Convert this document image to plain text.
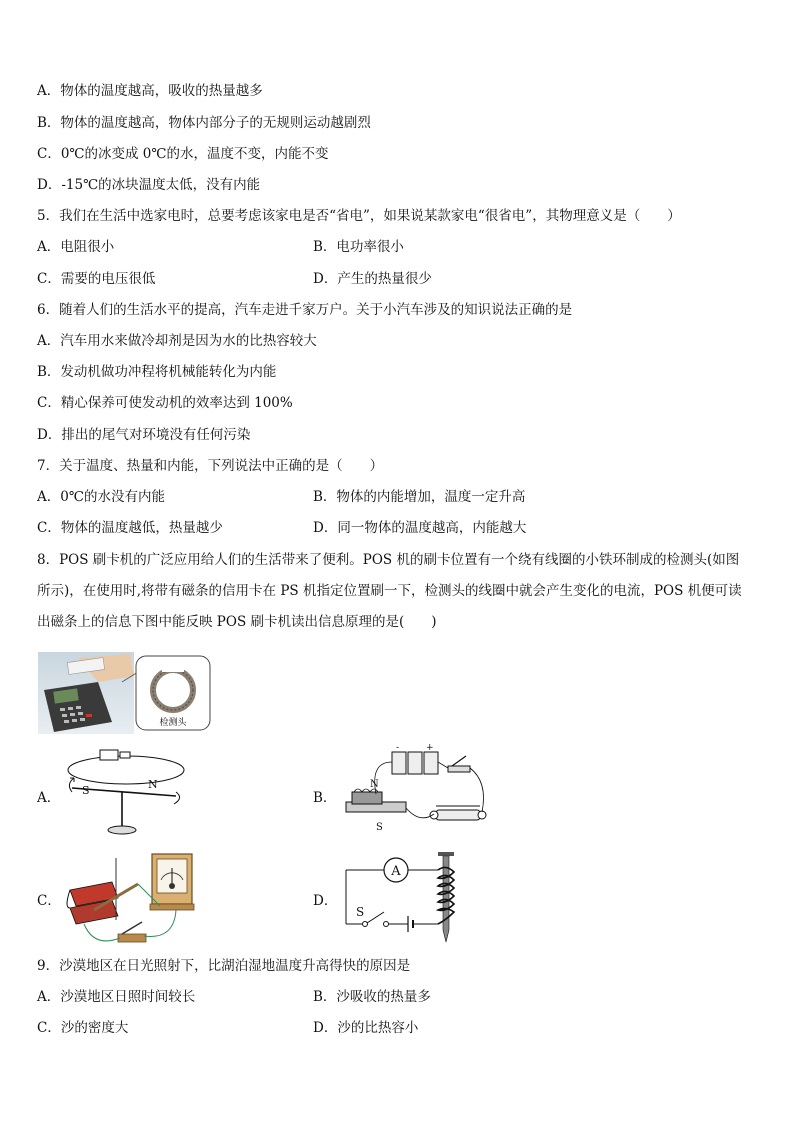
A．物体的温度越高，吸收的热量越多
B．物体的温度越高，物体内部分子的无规则运动越剧烈
C．0℃的冰变成 0℃的水，温度不变，内能不变
D．-15℃的冰块温度太低，没有内能
5．我们在生活中选家电时，总要考虑该家电是否“省电”，如果说某款家电“很省电”，其物理意义是（　　）
A．电阻很小	B．电功率很小
C．需要的电压很低	D．产生的热量很少
6．随着人们的生活水平的提高，汽车走进千家万户。关于小汽车涉及的知识说法正确的是
A．汽车用水来做冷却剂是因为水的比热容较大
B．发动机做功冲程将机械能转化为内能
C．精心保养可使发动机的效率达到 100%
D．排出的尾气对环境没有任何污染
7．关于温度、热量和内能，下列说法中正确的是（　　）
A．0℃的水没有内能	B．物体的内能增加，温度一定升高
C．物体的温度越低，热量越少	D．同一物体的温度越高，内能越大
8．POS 刷卡机的广泛应用给人们的生活带来了便利。POS 机的刷卡位置有一个绕有线圈的小铁环制成的检测头(如图
所示)，在使用时,将带有磁条的信用卡在 PS 机指定位置刷一下，检测头的线圈中就会产生变化的电流，POS 机便可读
出磁条上的信息下图中能反映 POS 刷卡机读出信息原理的是(　　)
检测头
A． S	N
B．
-	+
N
S
C．	D．
A
S
9．沙漠地区在日光照射下，比湖泊湿地温度升高得快的原因是
A．沙漠地区日照时间较长	B．沙吸收的热量多
C．沙的密度大	D．沙的比热容小
